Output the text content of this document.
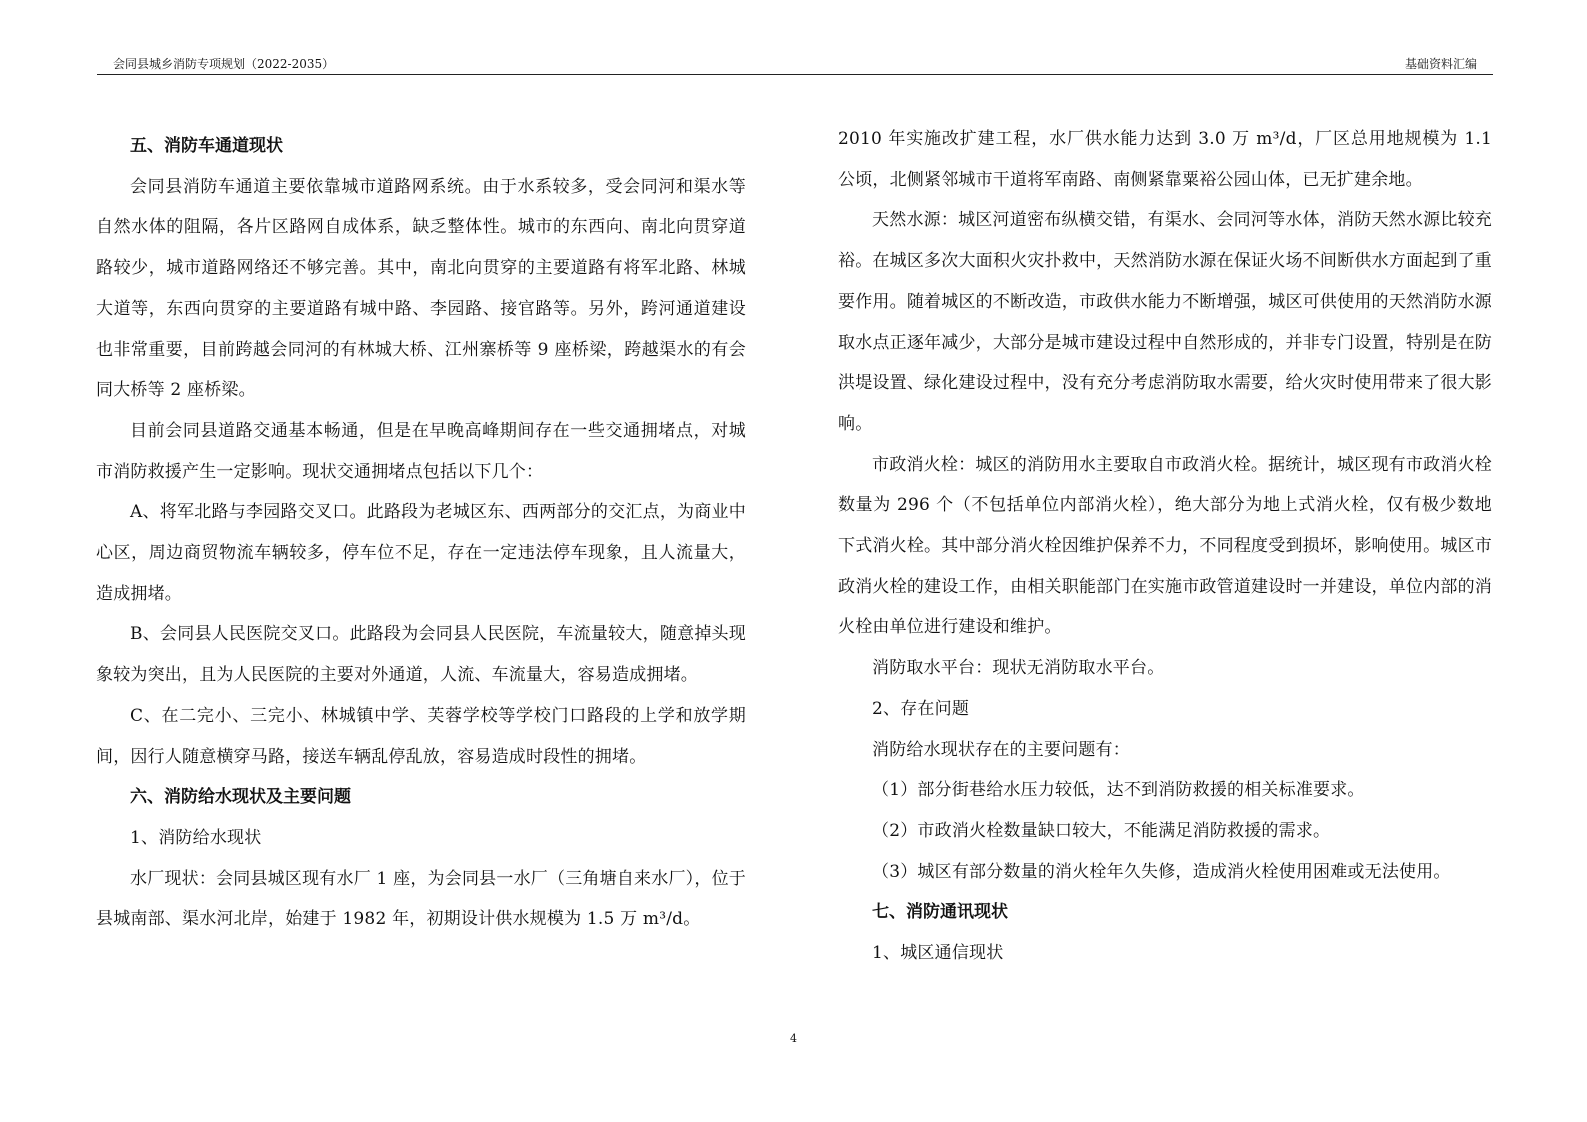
会同县城乡消防专项规划（2022-2035）	基础资料汇编
五、消防车通道现状

会同县消防车通道主要依靠城市道路网系统。由于水系较多，受会同河和渠水等自然水体的阻隔，各片区路网自成体系，缺乏整体性。城市的东西向、南北向贯穿道路较少，城市道路网络还不够完善。其中，南北向贯穿的主要道路有将军北路、林城大道等，东西向贯穿的主要道路有城中路、李园路、接官路等。另外，跨河通道建设也非常重要，目前跨越会同河的有林城大桥、江州寨桥等 9 座桥梁，跨越渠水的有会同大桥等 2 座桥梁。

目前会同县道路交通基本畅通，但是在早晚高峰期间存在一些交通拥堵点，对城市消防救援产生一定影响。现状交通拥堵点包括以下几个：

A、将军北路与李园路交叉口。此路段为老城区东、西两部分的交汇点，为商业中心区，周边商贸物流车辆较多，停车位不足，存在一定违法停车现象，且人流量大，造成拥堵。

B、会同县人民医院交叉口。此路段为会同县人民医院，车流量较大，随意掉头现象较为突出，且为人民医院的主要对外通道，人流、车流量大，容易造成拥堵。

C、在二完小、三完小、林城镇中学、芙蓉学校等学校门口路段的上学和放学期间，因行人随意横穿马路，接送车辆乱停乱放，容易造成时段性的拥堵。

六、消防给水现状及主要问题

1、消防给水现状

水厂现状：会同县城区现有水厂 1 座，为会同县一水厂（三角塘自来水厂），位于县城南部、渠水河北岸，始建于 1982 年，初期设计供水规模为 1.5 万 m³/d。

2010 年实施改扩建工程，水厂供水能力达到 3.0 万 m³/d，厂区总用地规模为 1.1 公顷，北侧紧邻城市干道将军南路、南侧紧靠粟裕公园山体，已无扩建余地。

天然水源：城区河道密布纵横交错，有渠水、会同河等水体，消防天然水源比较充裕。在城区多次大面积火灾扑救中，天然消防水源在保证火场不间断供水方面起到了重要作用。随着城区的不断改造，市政供水能力不断增强，城区可供使用的天然消防水源取水点正逐年减少，大部分是城市建设过程中自然形成的，并非专门设置，特别是在防洪堤设置、绿化建设过程中，没有充分考虑消防取水需要，给火灾时使用带来了很大影响。

市政消火栓：城区的消防用水主要取自市政消火栓。据统计，城区现有市政消火栓数量为 296 个（不包括单位内部消火栓），绝大部分为地上式消火栓，仅有极少数地下式消火栓。其中部分消火栓因维护保养不力，不同程度受到损坏，影响使用。城区市政消火栓的建设工作，由相关职能部门在实施市政管道建设时一并建设，单位内部的消火栓由单位进行建设和维护。

消防取水平台：现状无消防取水平台。

2、存在问题

消防给水现状存在的主要问题有：

（1）部分街巷给水压力较低，达不到消防救援的相关标准要求。

（2）市政消火栓数量缺口较大，不能满足消防救援的需求。

（3）城区有部分数量的消火栓年久失修，造成消火栓使用困难或无法使用。

七、消防通讯现状

1、城区通信现状

4
